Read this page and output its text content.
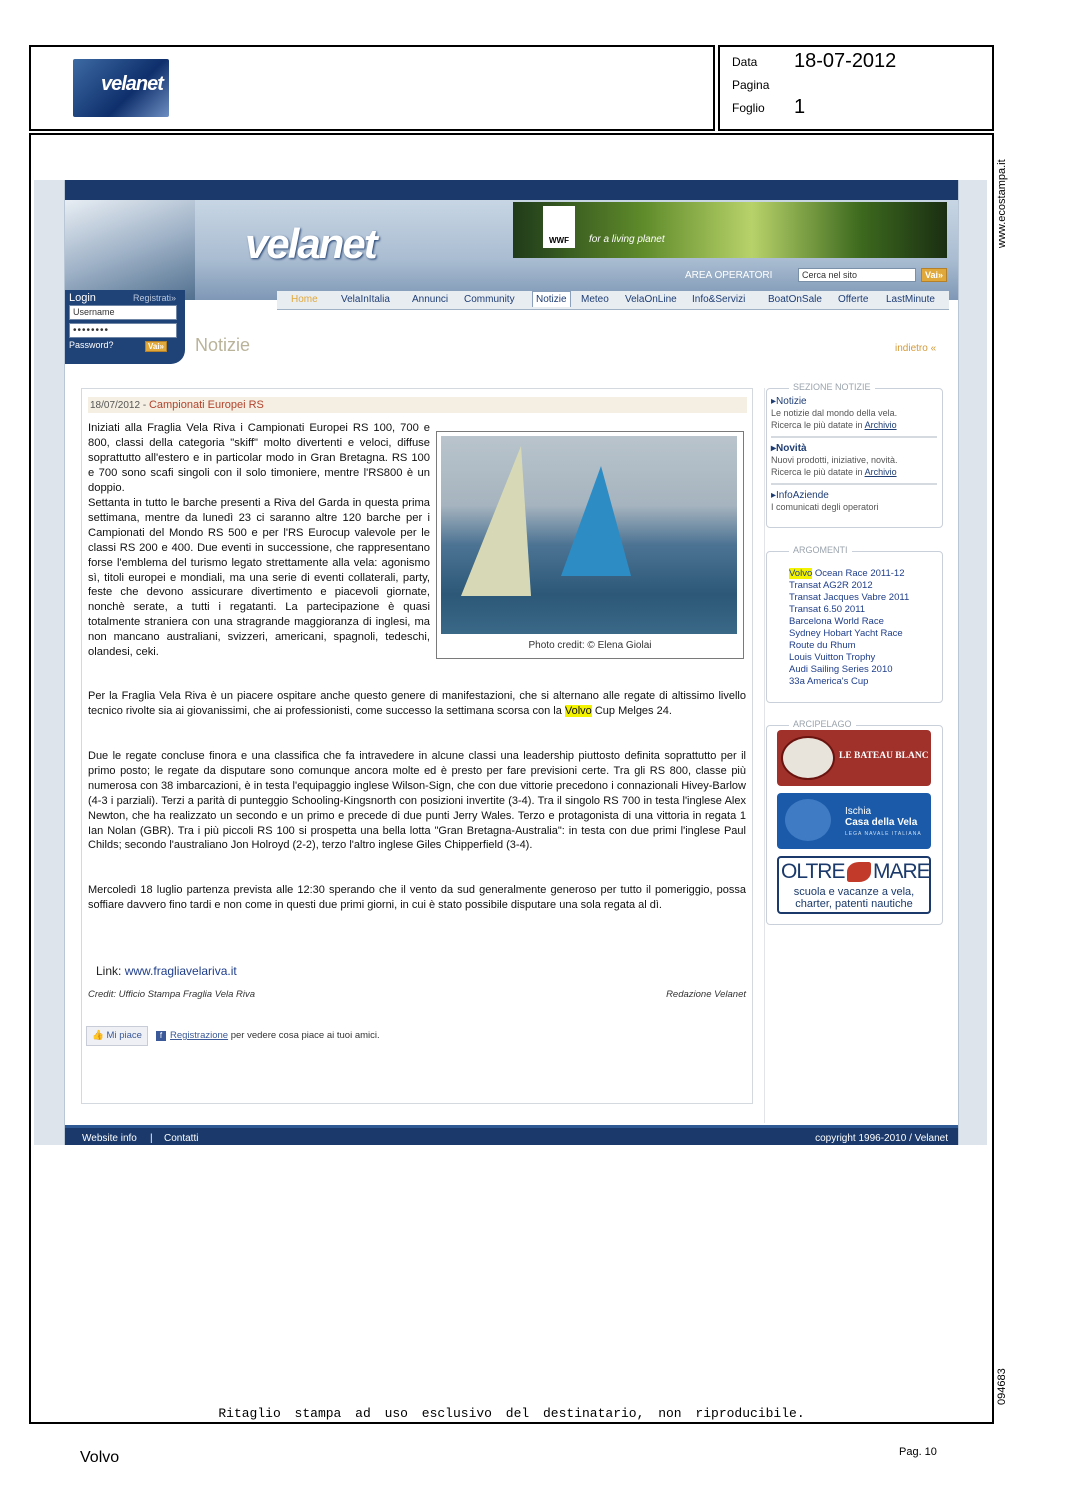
velanet
Data 18-07-2012
Pagina
Foglio 1
www.ecostampa.it
094683
velanet	WWF	for a living planet
AREA OPERATORI	Cerca nel sito	Vai»
Login	Registrati»
Username
••••••••
Password?	Vai»
Home VelaInItalia Annunci Community	Notizie	Meteo VelaOnLine Info&Servizi BoatOnSale Offerte LastMinute
Notizie	indietro «
18/07/2012 - Campionati Europei RS
Iniziati alla Fraglia Vela Riva i Campionati Europei RS 100, 700 e 800, classi della categoria "skiff" molto divertenti e veloci, diffuse soprattutto all'estero e in particolar modo in Gran Bretagna. RS 100 e 700 sono scafi singoli con il solo timoniere, mentre l'RS800 è un doppio.
Settanta in tutto le barche presenti a Riva del Garda in questa prima settimana, mentre da lunedì 23 ci saranno altre 120 barche per i Campionati del Mondo RS 500 e per l'RS Eurocup valevole per le classi RS 200 e 400. Due eventi in successione, che rappresentano forse l'emblema del turismo legato strettamente alla vela: agonismo sì, titoli europei e mondiali, ma una serie di eventi collaterali, party, feste che devono assicurare divertimento e piacevoli giornate, nonchè serate, a tutti i regatanti. La partecipazione è quasi totalmente straniera con una stragrande maggioranza di inglesi, ma non mancano australiani, svizzeri, americani, spagnoli, tedeschi, olandesi, ceki.
Photo credit: © Elena Giolai
Per la Fraglia Vela Riva è un piacere ospitare anche questo genere di manifestazioni, che si alternano alle regate di altissimo livello tecnico rivolte sia ai giovanissimi, che ai professionisti, come successo la settimana scorsa con la Volvo Cup Melges 24.
Due le regate concluse finora e una classifica che fa intravedere in alcune classi una leadership piuttosto definita soprattutto per il primo posto; le regate da disputare sono comunque ancora molte ed è presto per fare previsioni certe. Tra gli RS 800, classe più numerosa con 38 imbarcazioni, è in testa l'equipaggio inglese Wilson-Sign, che con due vittorie precedono i connazionali Hivey-Barlow (4-3 i parziali). Terzi a parità di punteggio Schooling-Kingsnorth con posizioni invertite (3-4). Tra il singolo RS 700 in testa l'inglese Alex Newton, che ha realizzato un secondo e un primo e precede di due punti Jerry Wales. Terzo e protagonista di una vittoria in regata 1 Ian Nolan (GBR). Tra i più piccoli RS 100 si prospetta una bella lotta "Gran Bretagna-Australia": in testa con due primi l'inglese Paul Childs; secondo l'australiano Jon Holroyd (2-2), terzo l'altro inglese Giles Chipperfield (3-4).
Mercoledì 18 luglio partenza prevista alle 12:30 sperando che il vento da sud generalmente generoso per tutto il pomeriggio, possa soffiare davvero fino tardi e non come in questi due primi giorni, in cui è stato possibile disputare una sola regata al dì.
Link: www.fragliavelariva.it
Credit: Ufficio Stampa Fraglia Vela Riva	Redazione Velanet
👍 Mi piace	f Registrazione per vedere cosa piace ai tuoi amici.
SEZIONE NOTIZIE
▸Notizie
Le notizie dal mondo della vela.
Ricerca le più datate in Archivio
▸Novità
Nuovi prodotti, iniziative, novità.
Ricerca le più datate in Archivio
▸InfoAziende
I comunicati degli operatori
ARGOMENTI
Volvo Ocean Race 2011-12
Transat AG2R 2012
Transat Jacques Vabre 2011
Transat 6.50 2011
Barcelona World Race
Sydney Hobart Yacht Race
Route du Rhum
Louis Vuitton Trophy
Audi Sailing Series 2010
33a America's Cup
ARCIPELAGO
LE BATEAU BLANC
Ischia
Casa della Vela
LEGA NAVALE ITALIANA
OLTRE MARE
scuola e vacanze a vela,
charter, patenti nautiche
Website info | Contatti	copyright 1996-2010 / Velanet
Ritaglio stampa ad uso esclusivo del destinatario, non riproducibile.
Volvo	Pag. 10
